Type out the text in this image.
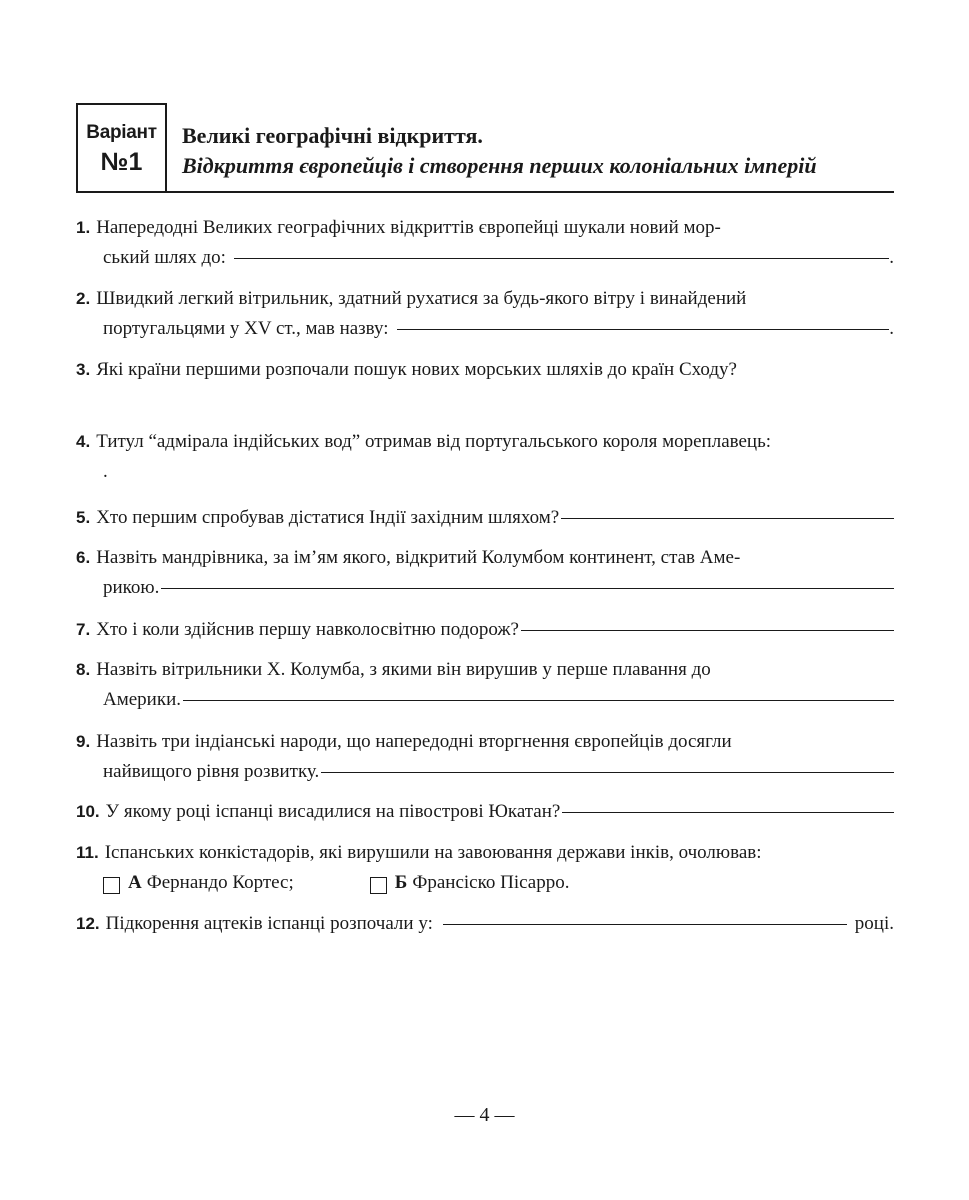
Варіант
№1
Великі географічні відкриття.
Відкриття європейців і створення перших колоніальних імперій
1. Напередодні Великих географічних відкриттів європейці шукали новий мор-
ський шлях до:	.
2. Швидкий легкий вітрильник, здатний рухатися за будь-якого вітру і винайдений
португальцями у XV ст., мав назву:	.
3. Які країни першими розпочали пошук нових морських шляхів до країн Сходу?
4. Титул “адмірала індійських вод” отримав від португальського короля мореплавець:
.
5. Хто першим спробував дістатися Індії західним шляхом?
6. Назвіть мандрівника, за ім’ям якого, відкритий Колумбом континент, став Аме-
рикою.
7. Хто і коли здійснив першу навколосвітню подорож?
8. Назвіть вітрильники Х. Колумба, з якими він вирушив у перше плавання до
Америки.
9. Назвіть три індіанські народи, що напередодні вторгнення європейців досягли
найвищого рівня розвитку.
10. У якому році іспанці висадилися на півострові Юкатан?
11. Іспанських конкістадорів, які вирушили на завоювання держави інків, очолював:
А Фернандо Кортес;	Б Франсіско Пісарро.
12. Підкорення ацтеків іспанці розпочали у:	році.
— 4 —
